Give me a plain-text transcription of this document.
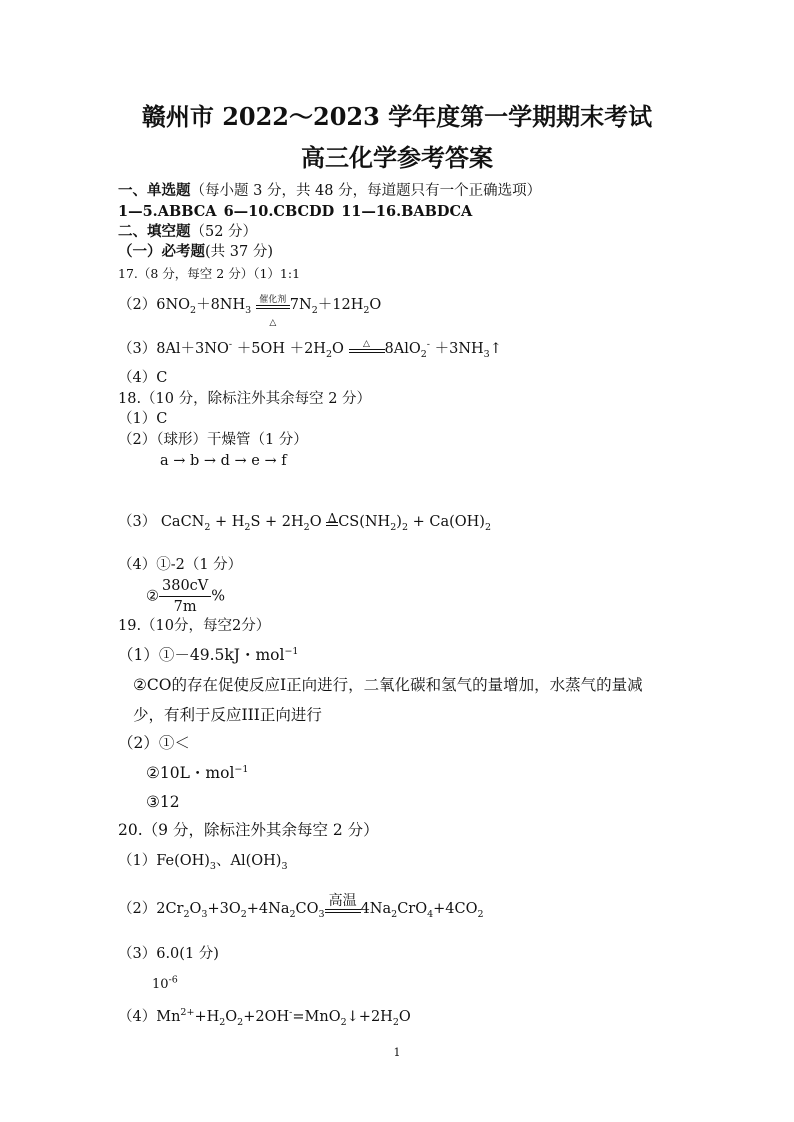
赣州市 2022～2023 学年度第一学期期末考试
高三化学参考答案
一、单选题（每小题 3 分，共 48 分，每道题只有一个正确选项）
1—5.ABBCA 6—10.CBCDD 11—16.BABDCA
二、填空题（52 分）
（一）必考题(共 37 分)
17.（8 分，每空 2 分）（1）1:1
$(2)6NO_2+8NH_3$
催化剂
△
$7N_2+12H_2O$
$(3)8Al+3NO^- +5OH +2H_2O$	△	$8AlO_2^- +3NH_3↑$
（4）C
18.（10 分，除标注外其余每空 2 分）
（1）C
（2）（球形）干燥管（1 分）
a → b → d → e → f
（3） CaCN$_2$ + $H_2S + 2H_2O$ Δ $CS(NH_2)_2 + Ca(OH)_2$
（4）①-2（1 分）
② $\frac{380cV}{7m}$ %
19.（10分，每空2分）
（1）①－49.5kJ・mol$^{-1}$
②CO的存在促使反应Ⅰ正向进行，二氧化碳和氢气的量增加，水蒸气的量减
少，有利于反应III正向进行
（2）①＜
②10L・mol$^{-1}$
③12
20.（9 分，除标注外其余每空 2 分）
$(1)Fe(OH)_3$、$Al(OH)_3$
$(2)2Cr_2O_3+3O_2+4Na_2CO_3$
高温 $4Na_2CrO_4+4CO_2$
（3）6.0(1 分)
$10^{-6}$
$(4)Mn^{2+}+H_2O_2+2OH^-=MnO_2↓+2H_2O$
1
